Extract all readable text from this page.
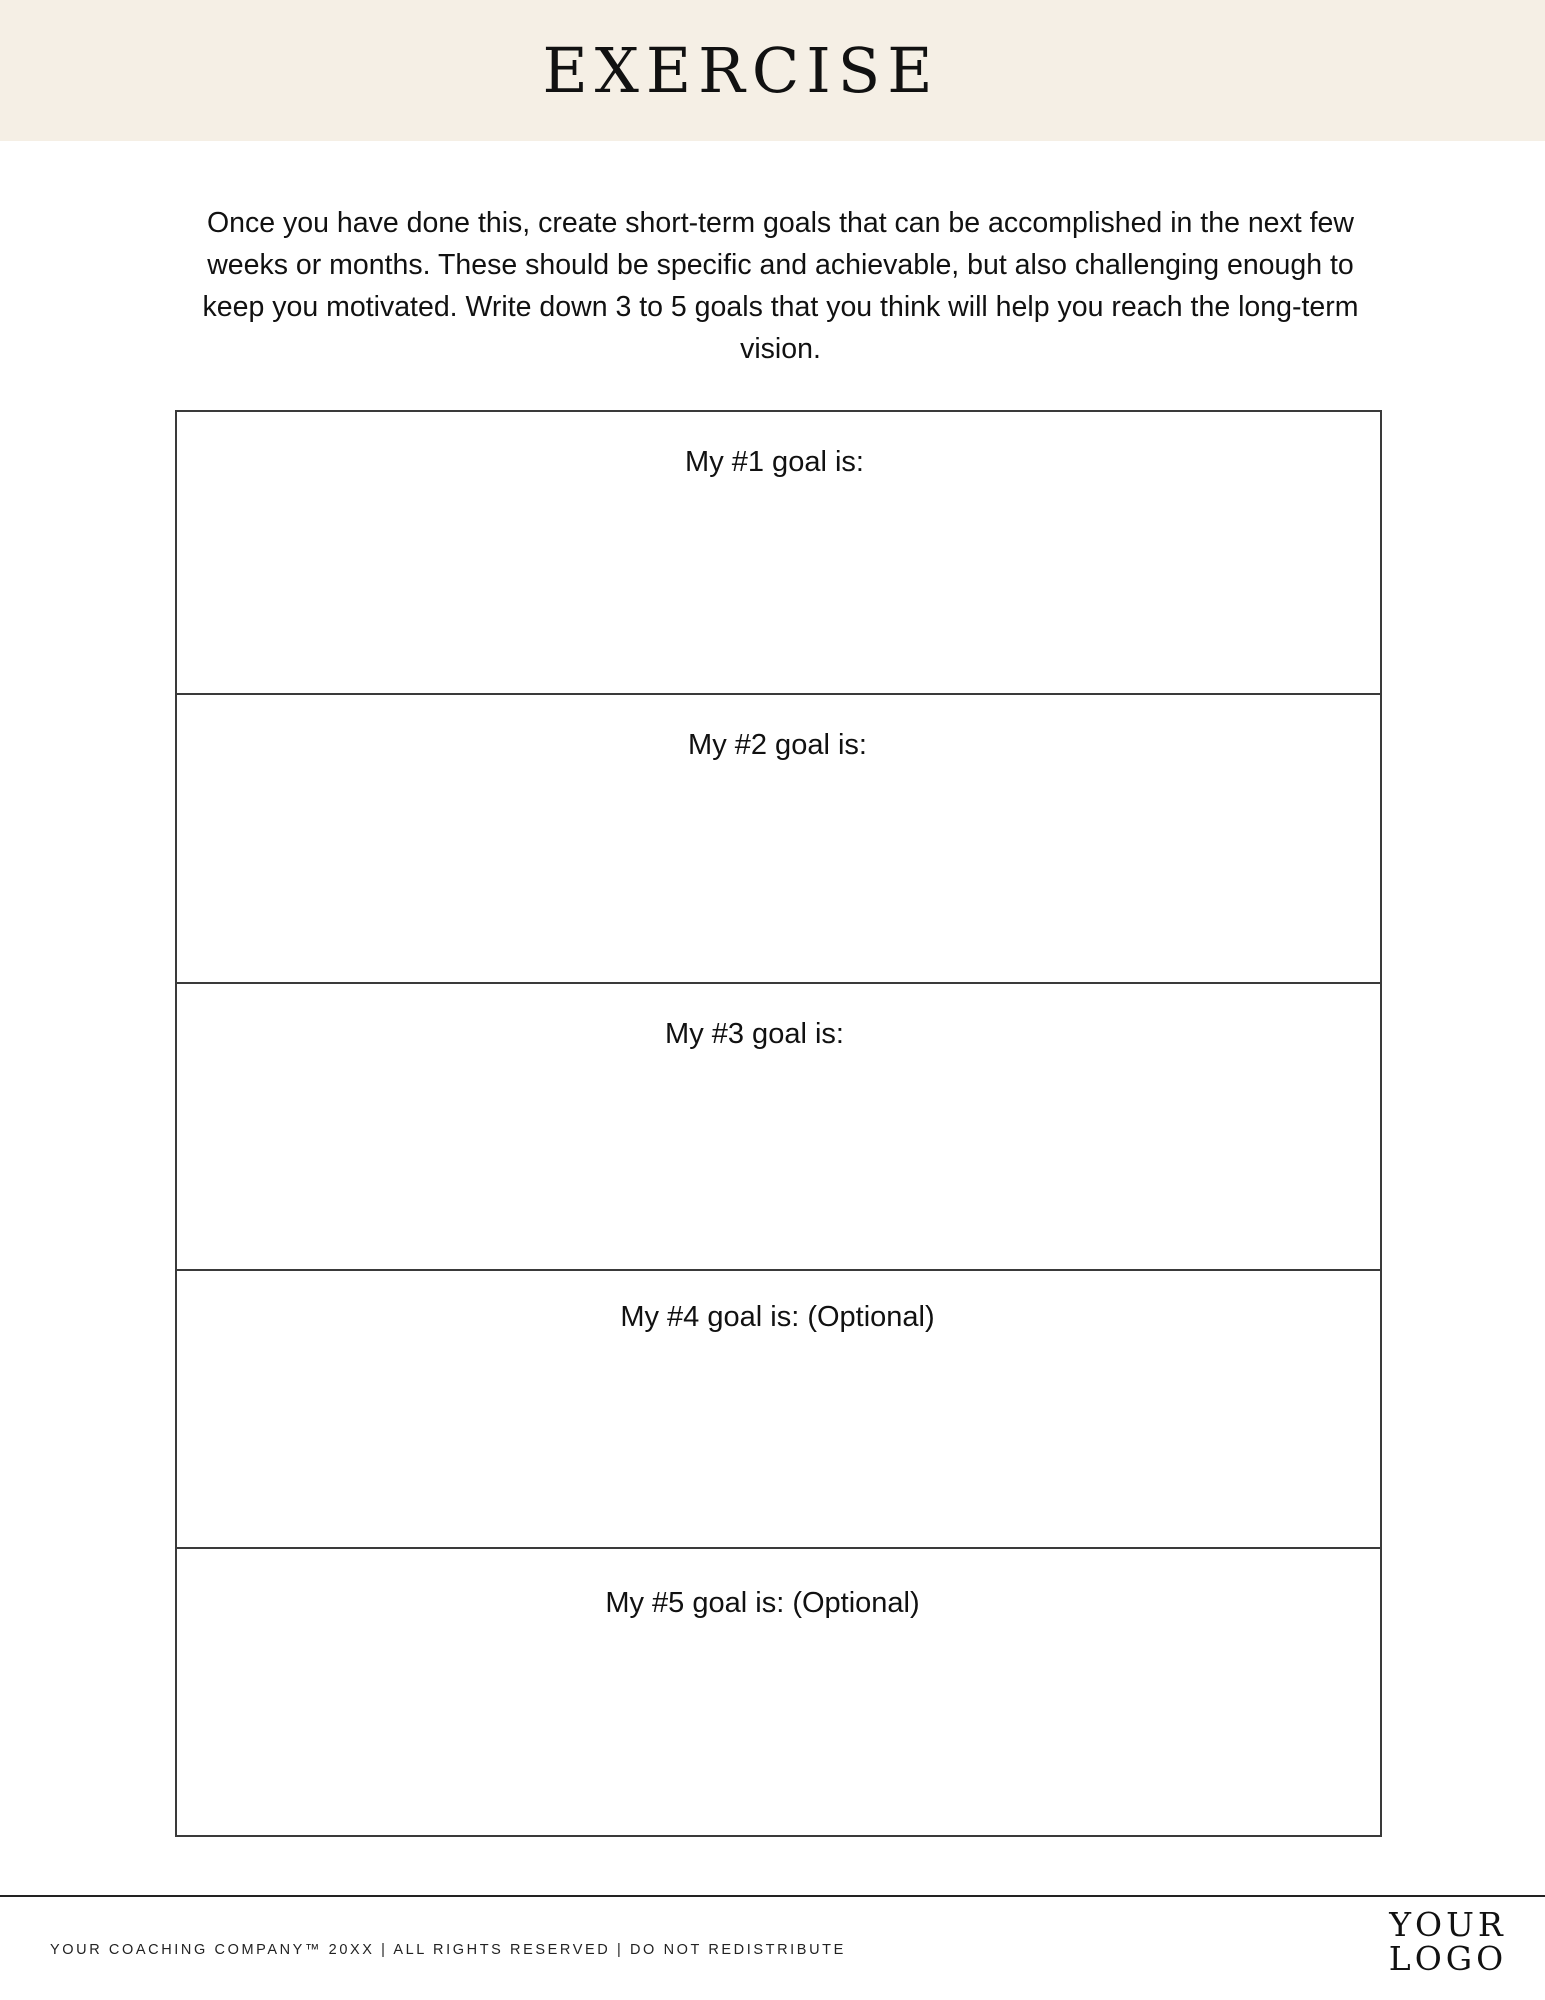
EXERCISE

Once you have done this, create short-term goals that can be accomplished in the next few weeks or months. These should be specific and achievable, but also challenging enough to keep you motivated. Write down 3 to 5 goals that you think will help you reach the long-term vision.

My #1 goal is:
My #2 goal is:
My #3 goal is:
My #4 goal is: (Optional)
My #5 goal is: (Optional)
YOUR COACHING COMPANY™ 20XX | ALL RIGHTS RESERVED | DO NOT REDISTRIBUTE
YOUR
LOGO
